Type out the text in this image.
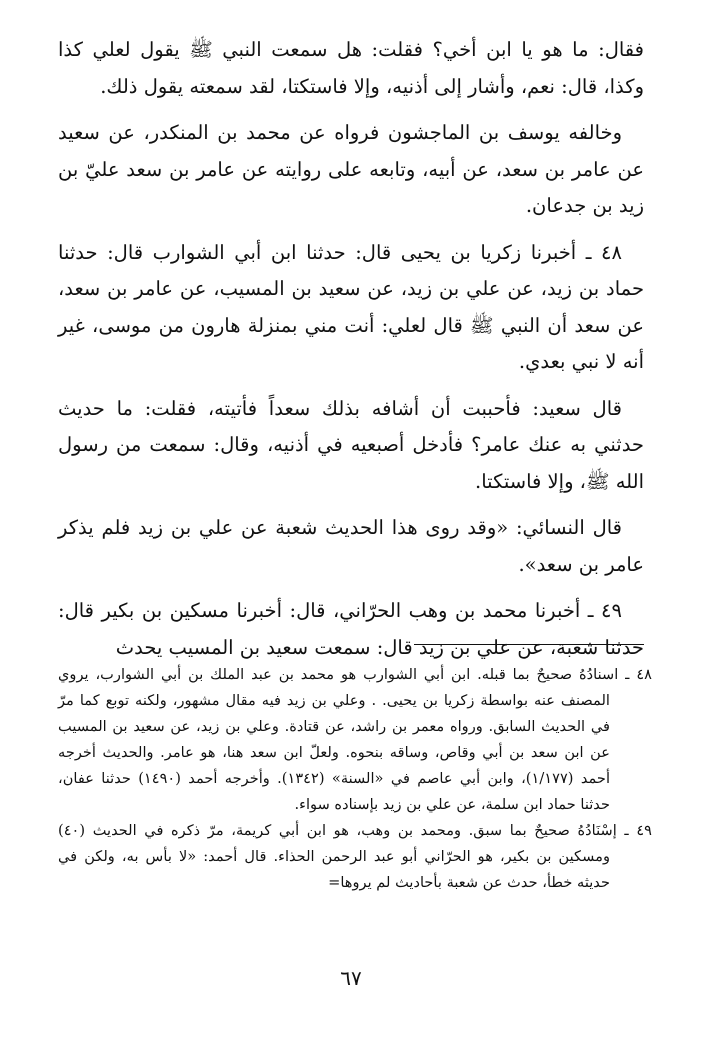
فقال: ما هو يا ابن أخي؟ فقلت: هل سمعت النبي ﷺ يقول لعلي كذا وكذا، قال: نعم، وأشار إلى أذنيه، وإلا فاستكتا، لقد سمعته يقول ذلك.

وخالفه يوسف بن الماجشون فرواه عن محمد بن المنكدر، عن سعيد عن عامر بن سعد، عن أبيه، وتابعه على روايته عن عامر بن سعد عليّ بن زيد بن جدعان.

٤٨ ـ أخبرنا زكريا بن يحيى قال: حدثنا ابن أبي الشوارب قال: حدثنا حماد بن زيد، عن علي بن زيد، عن سعيد بن المسيب، عن عامر بن سعد، عن سعد أن النبي ﷺ قال لعلي: أنت مني بمنزلة هارون من موسى، غير أنه لا نبي بعدي.

قال سعيد: فأحببت أن أشافه بذلك سعداً فأتيته، فقلت: ما حديث حدثني به عنك عامر؟ فأدخل أصبعيه في أذنيه، وقال: سمعت من رسول الله ﷺ، وإلا فاستكتا.

قال النسائي: «وقد روى هذا الحديث شعبة عن علي بن زيد فلم يذكر عامر بن سعد».

٤٩ ـ أخبرنا محمد بن وهب الحرّاني، قال: أخبرنا مسكين بن بكير قال: حدثنا شعبة، عن علي بن زيد قال: سمعت سعيد بن المسيب يحدث

٤٨ ـ اسنادُهُ صحيحٌ بما قبله. ابن أبي الشوارب هو محمد بن عبد الملك بن أبي الشوارب، يروي المصنف عنه بواسطة زكريا بن يحيى. . وعلي بن زيد فيه مقال مشهور، ولكنه توبع كما مرّ في الحديث السابق. ورواه معمر بن راشد، عن قتادة. وعلي بن زيد، عن سعيد بن المسيب عن ابن سعد بن أبي وقاص، وساقه بنحوه. ولعلّ ابن سعد هنا، هو عامر. والحديث أخرجه أحمد (١/١٧٧)، وابن أبي عاصم في «السنة» (١٣٤٢). وأخرجه أحمد (١٤٩٠) حدثنا عفان، حدثنا حماد ابن سلمة، عن علي بن زيد بإسناده سواء.

٤٩ ـ إسْنَادُهُ صحيحٌ بما سبق. ومحمد بن وهب، هو ابن أبي كريمة، مرّ ذكره في الحديث (٤٠) ومسكين بن بكير، هو الحرّاني أبو عبد الرحمن الحذاء. قال أحمد: «لا بأس به، ولكن في حديثه خطأ، حدث عن شعبة بأحاديث لم يروها=

٦٧
